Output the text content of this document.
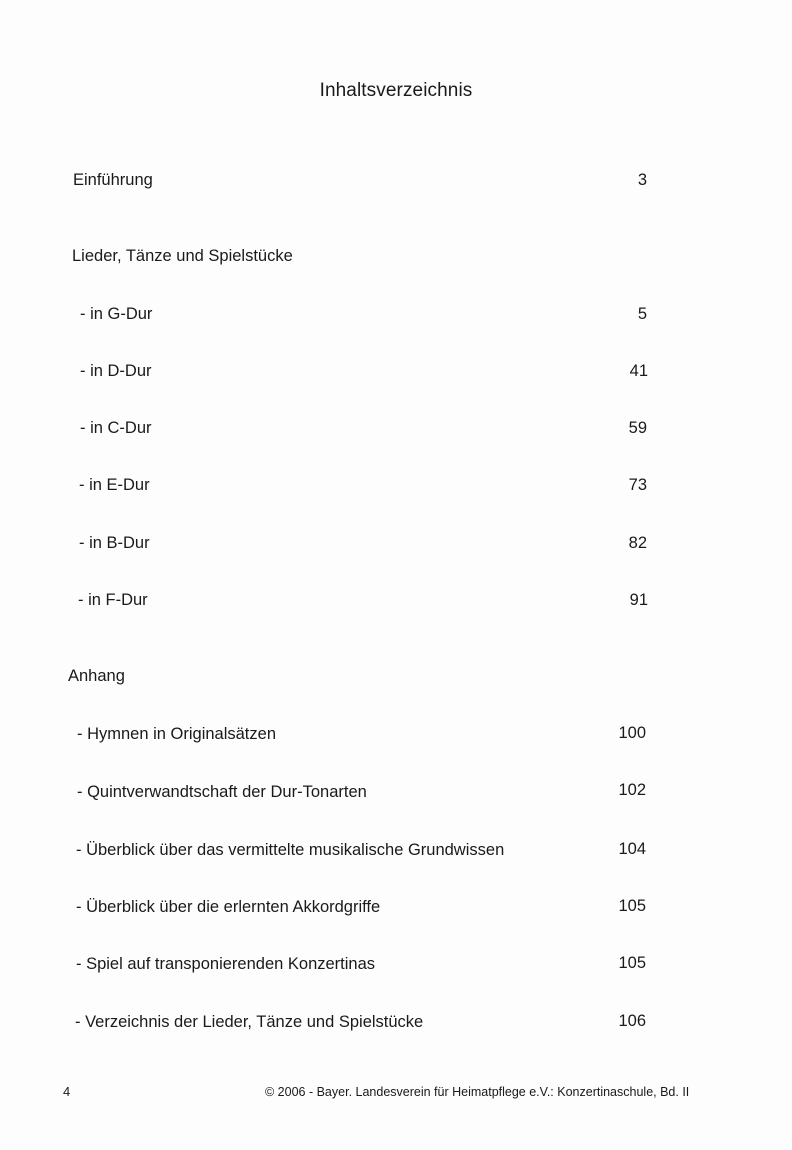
Inhaltsverzeichnis
Einführung	3
Lieder, Tänze und Spielstücke
- in G-Dur	5
- in D-Dur	41
- in C-Dur	59
- in E-Dur	73
- in B-Dur	82
- in F-Dur	91
Anhang
- Hymnen in Originalsätzen	100
- Quintverwandtschaft der Dur-Tonarten	102
- Überblick über das vermittelte musikalische Grundwissen	104
- Überblick über die erlernten Akkordgriffe	105
- Spiel auf transponierenden Konzertinas	105
- Verzeichnis der Lieder, Tänze und Spielstücke	106
4	© 2006 - Bayer. Landesverein für Heimatpflege e.V.: Konzertinaschule, Bd. II
